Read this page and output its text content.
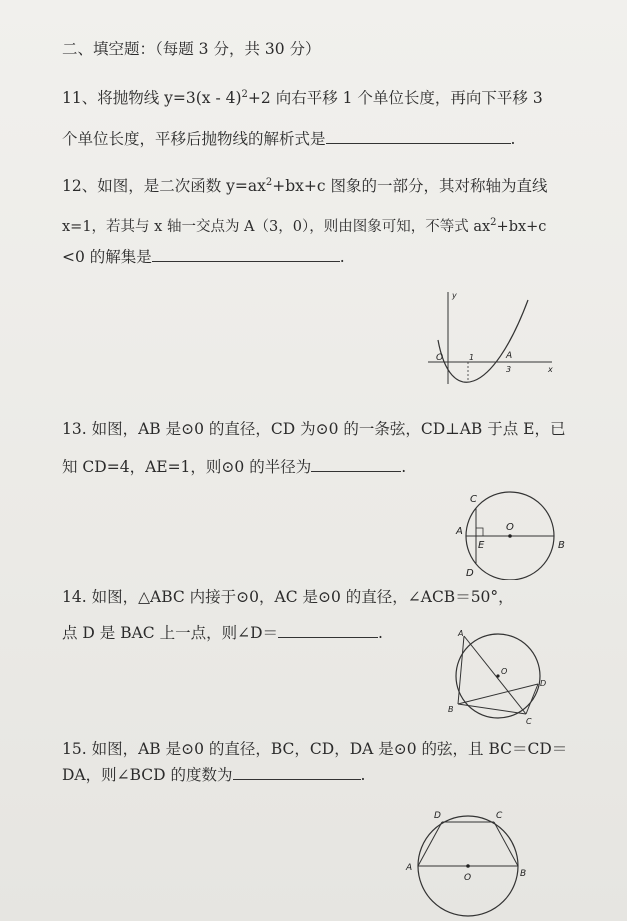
二、填空题：（每题 3 分，共 30 分）
11、将抛物线 y=3(x - 4)$^2$+2 向右平移 1 个单位长度，再向下平移 3
个单位长度，平移后抛物线的解析式是	.
12、如图，是二次函数 $y=ax^2+bx+c$ 图象的一部分，其对称轴为直线
x=1，若其与 x 轴一交点为 A（3，0），则由图象可知，不等式 $ax^2+bx+c$
<0 的解集是	.
O	1	A
3	x
y
13. 如图，AB 是⊙0 的直径，CD 为⊙0 的一条弦，CD⊥AB 于点 E，已
知 CD=4，AE=1，则⊙0 的半径为	.
C
O
A
E	B
D
14. 如图，△ABC 内接于⊙0，AC 是⊙0 的直径，∠ACB＝50°，
点 D 是 BAC 上一点，则∠D＝	.	A
O
D
B
C
15. 如图，AB 是⊙0 的直径，BC，CD，DA 是⊙0 的弦，且 BC＝CD＝
DA，则∠BCD 的度数为	.
D	C
A
O	B
